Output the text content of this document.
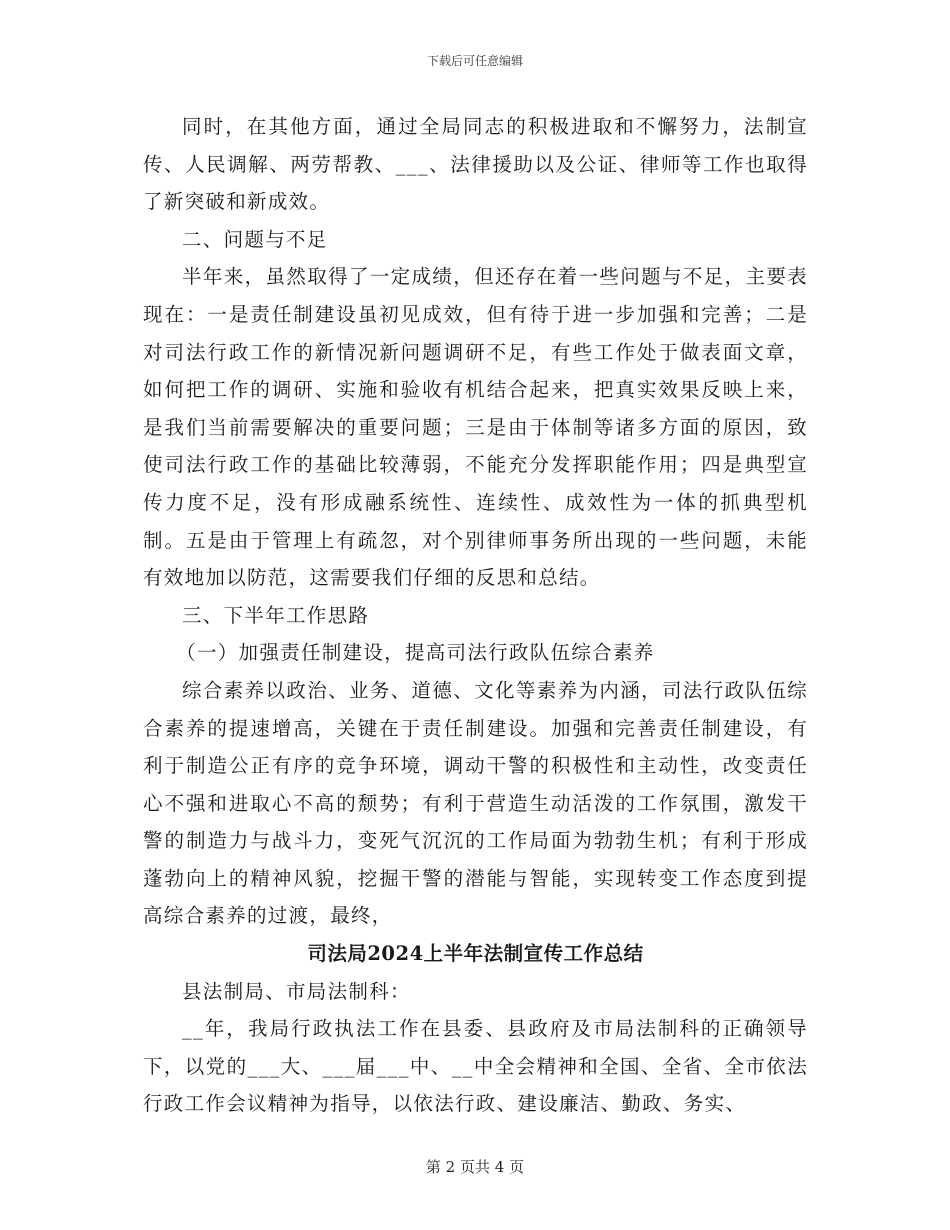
下载后可任意编辑

同时，在其他方面，通过全局同志的积极进取和不懈努力，法制宣传、人民调解、两劳帮教、___、法律援助以及公证、律师等工作也取得了新突破和新成效。

二、问题与不足

半年来，虽然取得了一定成绩，但还存在着一些问题与不足，主要表现在：一是责任制建设虽初见成效，但有待于进一步加强和完善；二是对司法行政工作的新情况新问题调研不足，有些工作处于做表面文章，如何把工作的调研、实施和验收有机结合起来，把真实效果反映上来，是我们当前需要解决的重要问题；三是由于体制等诸多方面的原因，致使司法行政工作的基础比较薄弱，不能充分发挥职能作用；四是典型宣传力度不足，没有形成融系统性、连续性、成效性为一体的抓典型机制。五是由于管理上有疏忽，对个别律师事务所出现的一些问题，未能有效地加以防范，这需要我们仔细的反思和总结。

三、下半年工作思路

（一）加强责任制建设，提高司法行政队伍综合素养

综合素养以政治、业务、道德、文化等素养为内涵，司法行政队伍综合素养的提速增高，关键在于责任制建设。加强和完善责任制建设，有利于制造公正有序的竞争环境，调动干警的积极性和主动性，改变责任心不强和进取心不高的颓势；有利于营造生动活泼的工作氛围，激发干警的制造力与战斗力，变死气沉沉的工作局面为勃勃生机；有利于形成蓬勃向上的精神风貌，挖掘干警的潜能与智能，实现转变工作态度到提高综合素养的过渡，最终，

司法局2024上半年法制宣传工作总结

县法制局、市局法制科：

__年，我局行政执法工作在县委、县政府及市局法制科的正确领导下，以党的___大、___届___中、__中全会精神和全国、全省、全市依法行政工作会议精神为指导，以依法行政、建设廉洁、勤政、务实、

第 2 页共 4 页
